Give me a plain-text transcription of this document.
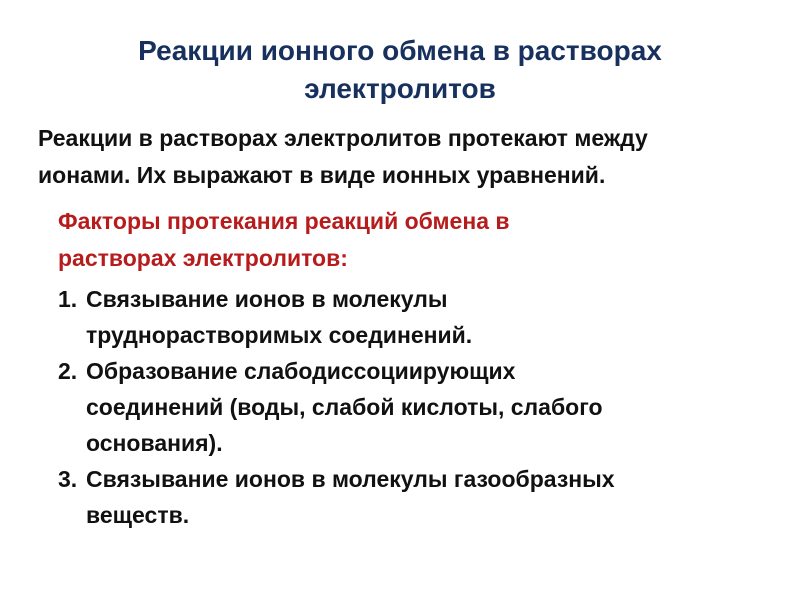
Реакции ионного обмена в растворах
электролитов
Реакции в растворах электролитов протекают между
ионами. Их выражают в виде ионных уравнений.
Факторы протекания реакций обмена в
растворах электролитов:
1. Связывание ионов в молекулы
труднорастворимых соединений.
2. Образование слабодиссоциирующих
соединений (воды, слабой кислоты, слабого
основания).
3. Связывание ионов в молекулы газообразных
веществ.
